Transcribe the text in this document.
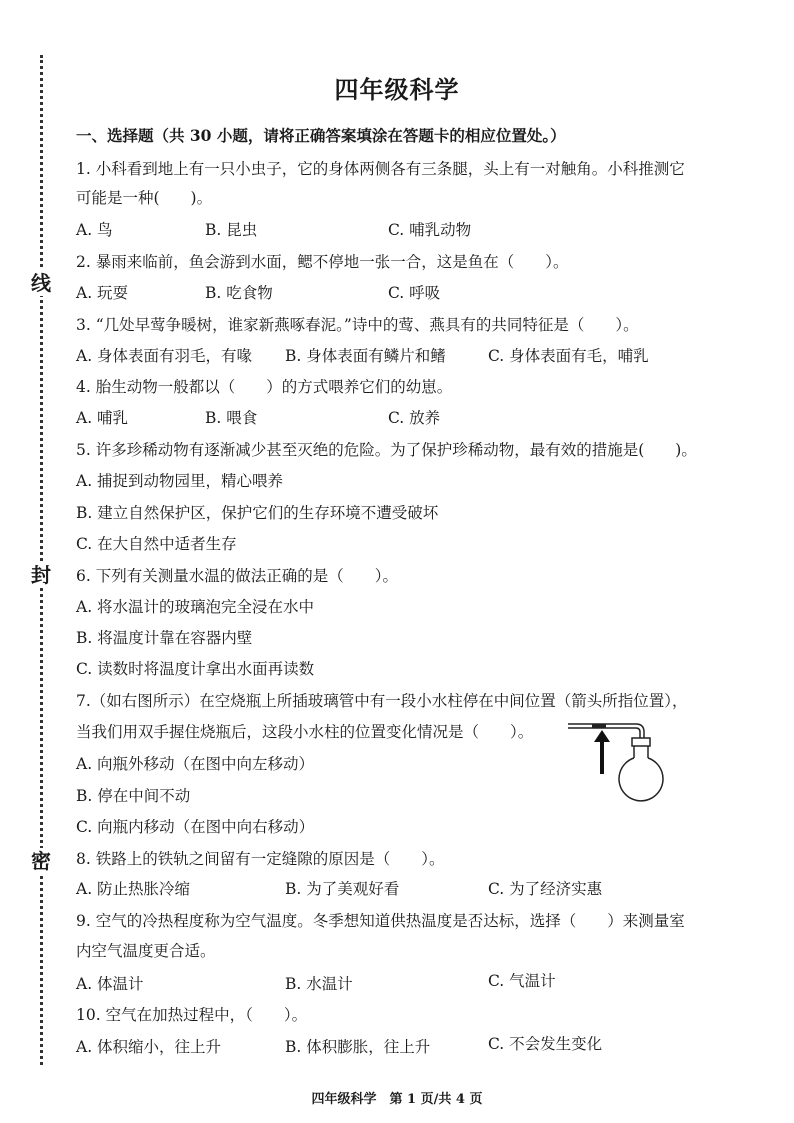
线
封
密
四年级科学
一、选择题（共 30 小题，请将正确答案填涂在答题卡的相应位置处。）
1. 小科看到地上有一只小虫子，它的身体两侧各有三条腿，头上有一对触角。小科推测它
可能是一种(　　)。
A. 鸟	B. 昆虫	C. 哺乳动物
2. 暴雨来临前，鱼会游到水面，鳃不停地一张一合，这是鱼在（　　）。
A. 玩耍	B. 吃食物	C. 呼吸
3. “几处早莺争暖树，谁家新燕啄春泥。”诗中的莺、燕具有的共同特征是（　　）。
A. 身体表面有羽毛，有喙 B. 身体表面有鳞片和鳍	C. 身体表面有毛，哺乳
4. 胎生动物一般都以（　　）的方式喂养它们的幼崽。
A. 哺乳	B. 喂食	C. 放养
5. 许多珍稀动物有逐渐减少甚至灭绝的危险。为了保护珍稀动物，最有效的措施是(　　)。
A. 捕捉到动物园里，精心喂养
B. 建立自然保护区，保护它们的生存环境不遭受破坏
C. 在大自然中适者生存
6. 下列有关测量水温的做法正确的是（　　）。
A. 将水温计的玻璃泡完全浸在水中
B. 将温度计靠在容器内壁
C. 读数时将温度计拿出水面再读数
7.（如右图所示）在空烧瓶上所插玻璃管中有一段小水柱停在中间位置（箭头所指位置），
当我们用双手握住烧瓶后，这段小水柱的位置变化情况是（　　）。
A. 向瓶外移动（在图中向左移动）
B. 停在中间不动
C. 向瓶内移动（在图中向右移动）
8. 铁路上的铁轨之间留有一定缝隙的原因是（　　）。
A. 防止热胀冷缩	B. 为了美观好看	C. 为了经济实惠
9. 空气的冷热程度称为空气温度。冬季想知道供热温度是否达标，选择（　　）来测量室
内空气温度更合适。
A. 体温计	B. 水温计	C. 气温计
10. 空气在加热过程中，（　　）。
A. 体积缩小，往上升	B. 体积膨胀，往上升	C. 不会发生变化
四年级科学　第 1 页/共 4 页
